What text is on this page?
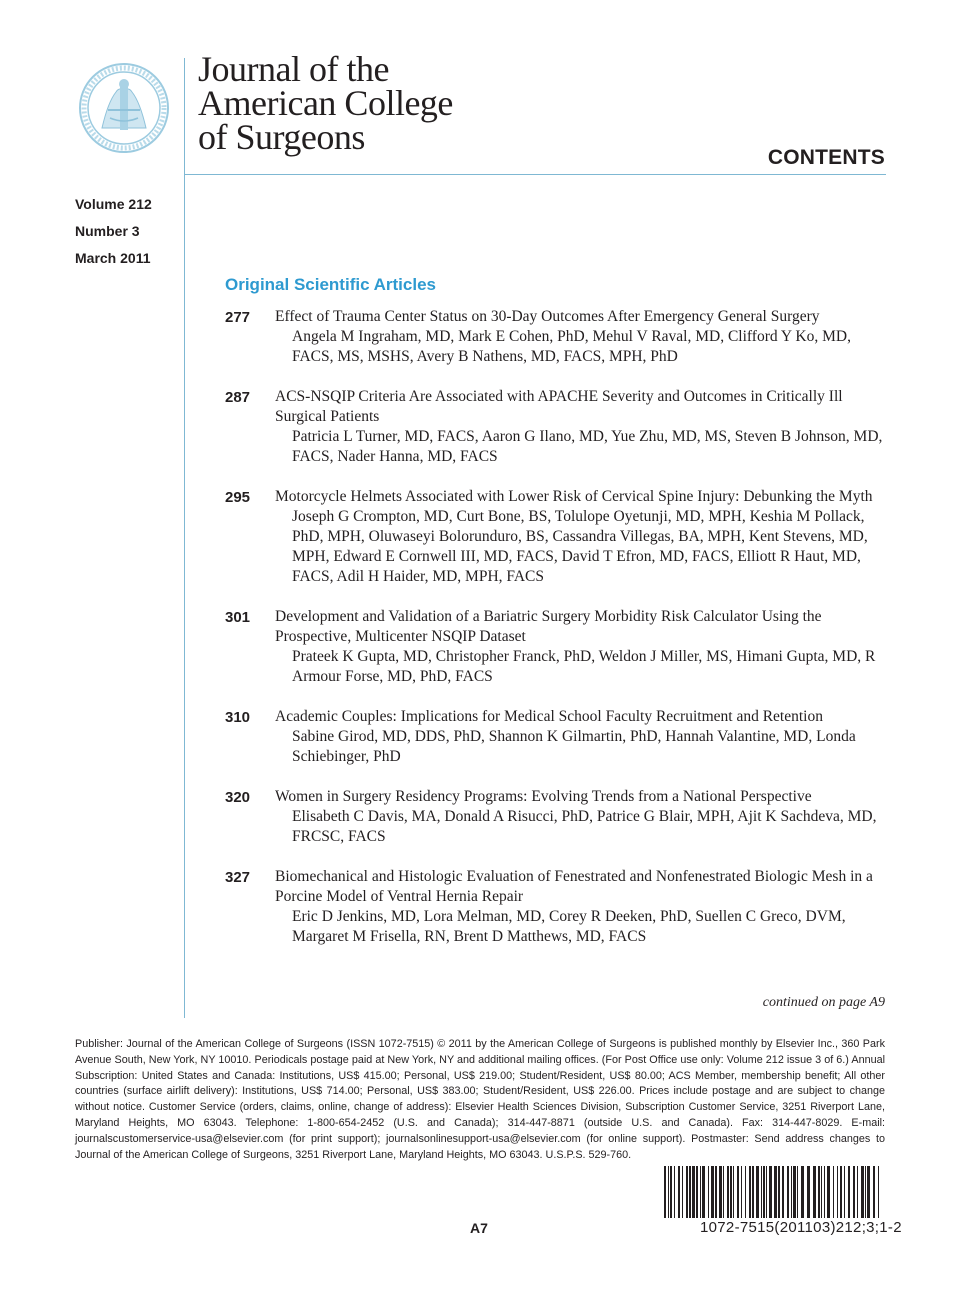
Journal of the
American College
of Surgeons
CONTENTS
Volume 212
Number 3
March 2011
Original Scientific Articles
277 Effect of Trauma Center Status on 30-Day Outcomes After Emergency General Surgery
Angela M Ingraham, MD, Mark E Cohen, PhD, Mehul V Raval, MD, Clifford Y Ko, MD, FACS, MS, MSHS, Avery B Nathens, MD, FACS, MPH, PhD
287 ACS-NSQIP Criteria Are Associated with APACHE Severity and Outcomes in Critically Ill Surgical Patients
Patricia L Turner, MD, FACS, Aaron G Ilano, MD, Yue Zhu, MD, MS, Steven B Johnson, MD, FACS, Nader Hanna, MD, FACS
295 Motorcycle Helmets Associated with Lower Risk of Cervical Spine Injury: Debunking the Myth
Joseph G Crompton, MD, Curt Bone, BS, Tolulope Oyetunji, MD, MPH, Keshia M Pollack, PhD, MPH, Oluwaseyi Bolorunduro, BS, Cassandra Villegas, BA, MPH, Kent Stevens, MD, MPH, Edward E Cornwell III, MD, FACS, David T Efron, MD, FACS, Elliott R Haut, MD, FACS, Adil H Haider, MD, MPH, FACS
301 Development and Validation of a Bariatric Surgery Morbidity Risk Calculator Using the Prospective, Multicenter NSQIP Dataset
Prateek K Gupta, MD, Christopher Franck, PhD, Weldon J Miller, MS, Himani Gupta, MD, R Armour Forse, MD, PhD, FACS
310 Academic Couples: Implications for Medical School Faculty Recruitment and Retention
Sabine Girod, MD, DDS, PhD, Shannon K Gilmartin, PhD, Hannah Valantine, MD, Londa Schiebinger, PhD
320 Women in Surgery Residency Programs: Evolving Trends from a National Perspective
Elisabeth C Davis, MA, Donald A Risucci, PhD, Patrice G Blair, MPH, Ajit K Sachdeva, MD, FRCSC, FACS
327 Biomechanical and Histologic Evaluation of Fenestrated and Nonfenestrated Biologic Mesh in a Porcine Model of Ventral Hernia Repair
Eric D Jenkins, MD, Lora Melman, MD, Corey R Deeken, PhD, Suellen C Greco, DVM, Margaret M Frisella, RN, Brent D Matthews, MD, FACS
continued on page A9
Publisher: Journal of the American College of Surgeons (ISSN 1072-7515) © 2011 by the American College of Surgeons is published monthly by Elsevier Inc., 360 Park Avenue South, New York, NY 10010. Periodicals postage paid at New York, NY and additional mailing offices. (For Post Office use only: Volume 212 issue 3 of 6.) Annual Subscription: United States and Canada: Institutions, US$ 415.00; Personal, US$ 219.00; Student/Resident, US$ 80.00; ACS Member, membership benefit; All other countries (surface airlift delivery): Institutions, US$ 714.00; Personal, US$ 383.00; Student/Resident, US$ 226.00. Prices include postage and are subject to change without notice. Customer Service (orders, claims, online, change of address): Elsevier Health Sciences Division, Subscription Customer Service, 3251 Riverport Lane, Maryland Heights, MO 63043. Telephone: 1-800-654-2452 (U.S. and Canada); 314-447-8871 (outside U.S. and Canada). Fax: 314-447-8029. E-mail: journalscustomerservice-usa@elsevier.com (for print support); journalsonlinesupport-usa@elsevier.com (for online support). Postmaster: Send address changes to Journal of the American College of Surgeons, 3251 Riverport Lane, Maryland Heights, MO 63043. U.S.P.S. 529-760.
A7	1072-7515(201103)212;3;1-2
